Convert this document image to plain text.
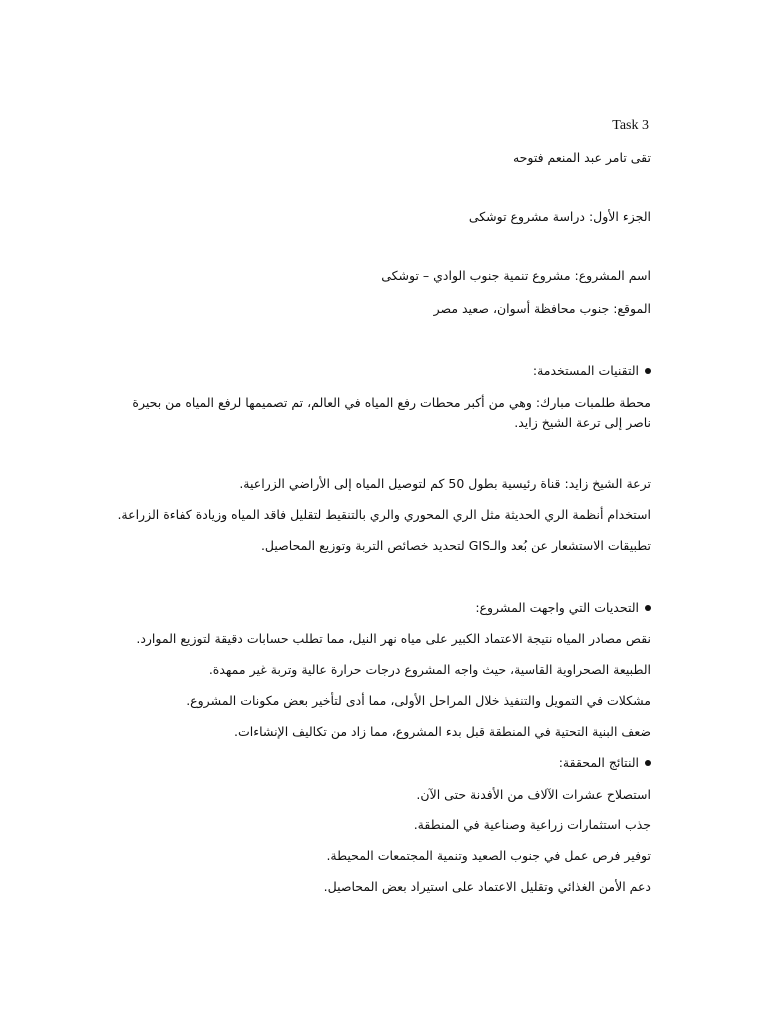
Task 3
تقى تامر عبد المنعم فتوحه
الجزء الأول: دراسة مشروع توشكى
اسم المشروع: مشروع تنمية جنوب الوادي – توشكى
الموقع: جنوب محافظة أسوان، صعيد مصر
التقنيات المستخدمة:
محطة طلمبات مبارك: وهي من أكبر محطات رفع المياه في العالم، تم تصميمها لرفع المياه من بحيرة ناصر إلى ترعة الشيخ زايد.
ترعة الشيخ زايد: قناة رئيسية بطول 50 كم لتوصيل المياه إلى الأراضي الزراعية.
استخدام أنظمة الري الحديثة مثل الري المحوري والري بالتنقيط لتقليل فاقد المياه وزيادة كفاءة الزراعة.
تطبيقات الاستشعار عن بُعد والـGIS لتحديد خصائص التربة وتوزيع المحاصيل.
التحديات التي واجهت المشروع:
نقص مصادر المياه نتيجة الاعتماد الكبير على مياه نهر النيل، مما تطلب حسابات دقيقة لتوزيع الموارد.
الطبيعة الصحراوية القاسية، حيث واجه المشروع درجات حرارة عالية وتربة غير ممهدة.
مشكلات في التمويل والتنفيذ خلال المراحل الأولى، مما أدى لتأخير بعض مكونات المشروع.
ضعف البنية التحتية في المنطقة قبل بدء المشروع، مما زاد من تكاليف الإنشاءات.
النتائج المحققة:
استصلاح عشرات الآلاف من الأفدنة حتى الآن.
جذب استثمارات زراعية وصناعية في المنطقة.
توفير فرص عمل في جنوب الصعيد وتنمية المجتمعات المحيطة.
دعم الأمن الغذائي وتقليل الاعتماد على استيراد بعض المحاصيل.
